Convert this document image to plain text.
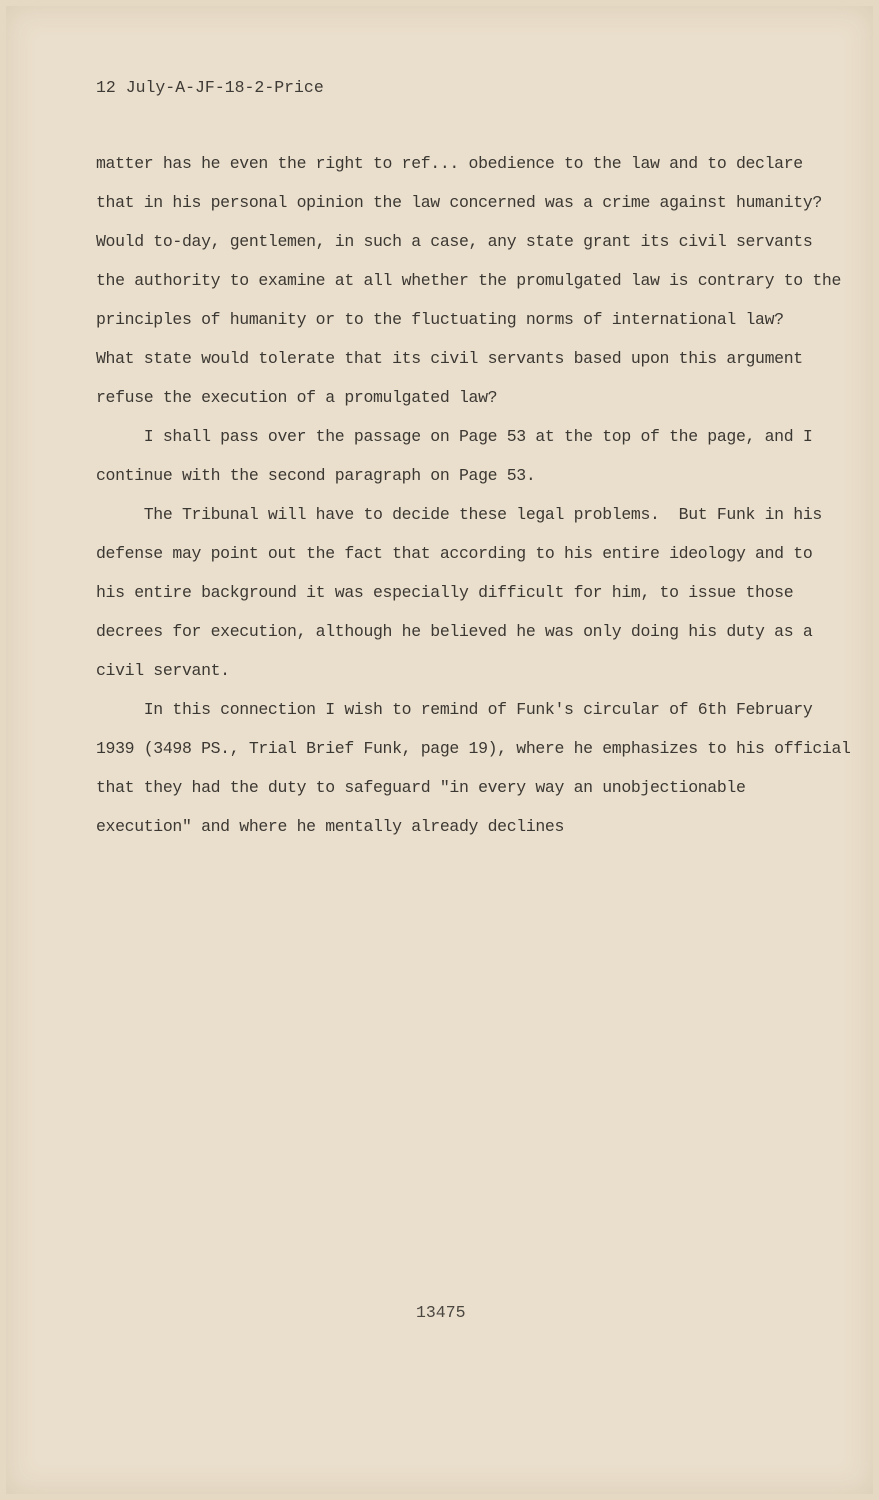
12 July-A-JF-18-2-Price
matter has he even the right to ref... obedience to the law and to declare
that in his personal opinion the law concerned was a crime against humanity?
Would to-day, gentlemen, in such a case, any state grant its civil servants
the authority to examine at all whether the promulgated law is contrary to the
principles of humanity or to the fluctuating norms of international law?
What state would tolerate that its civil servants based upon this argument
refuse the execution of a promulgated law?
I shall pass over the passage on Page 53 at the top of the page, and I
continue with the second paragraph on Page 53.
The Tribunal will have to decide these legal problems.  But Funk in his
defense may point out the fact that according to his entire ideology and to
his entire background it was especially difficult for him, to issue those
decrees for execution, although he believed he was only doing his duty as a
civil servant.
In this connection I wish to remind of Funk's circular of 6th February
1939 (3498 PS., Trial Brief Funk, page 19), where he emphasizes to his official
that they had the duty to safeguard "in every way an unobjectionable
execution" and where he mentally already declines
13475
